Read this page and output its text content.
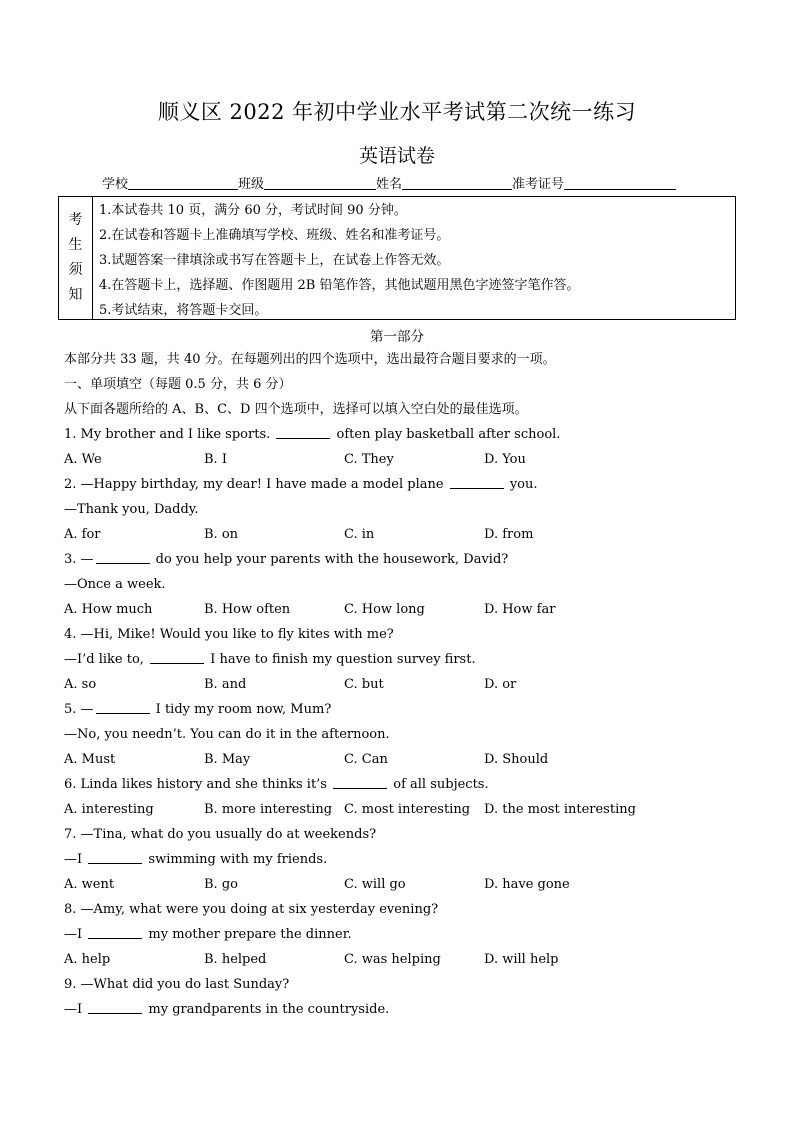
顺义区 2022 年初中学业水平考试第二次统一练习
英语试卷
学校	班级	姓名	准考证号
考
生
须
知
1.本试卷共 10 页，满分 60 分，考试时间 90 分钟。
2.在试卷和答题卡上准确填写学校、班级、姓名和准考证号。
3.试题答案一律填涂或书写在答题卡上，在试卷上作答无效。
4.在答题卡上，选择题、作图题用 2B 铅笔作答，其他试题用黑色字迹签字笔作答。
5.考试结束，将答题卡交回。
第一部分
本部分共 33 题，共 40 分。在每题列出的四个选项中，选出最符合题目要求的一项。
一、单项填空（每题 0.5 分，共 6 分）
从下面各题所给的 A、B、C、D 四个选项中，选择可以填入空白处的最佳选项。
1. My brother and I like sports.	often play basketball after school.
A. We	B. I	C. They	D. You
2. —Happy birthday, my dear! I have made a model plane	you.
—Thank you, Daddy.
A. for	B. on	C. in	D. from
3. —	do you help your parents with the housework, David?
—Once a week.
A. How much	B. How often	C. How long	D. How far
4. —Hi, Mike! Would you like to fly kites with me?
—I’d like to,	I have to finish my question survey first.
A. so	B. and	C. but	D. or
5. —	I tidy my room now, Mum?
—No, you needn’t. You can do it in the afternoon.
A. Must	B. May	C. Can	D. Should
6. Linda likes history and she thinks it’s	of all subjects.
A. interesting	B. more interesting C. most interesting	D. the most interesting
7. —Tina, what do you usually do at weekends?
—I	swimming with my friends.
A. went	B. go	C. will go	D. have gone
8. —Amy, what were you doing at six yesterday evening?
—I	my mother prepare the dinner.
A. help	B. helped	C. was helping	D. will help
9. —What did you do last Sunday?
—I	my grandparents in the countryside.
